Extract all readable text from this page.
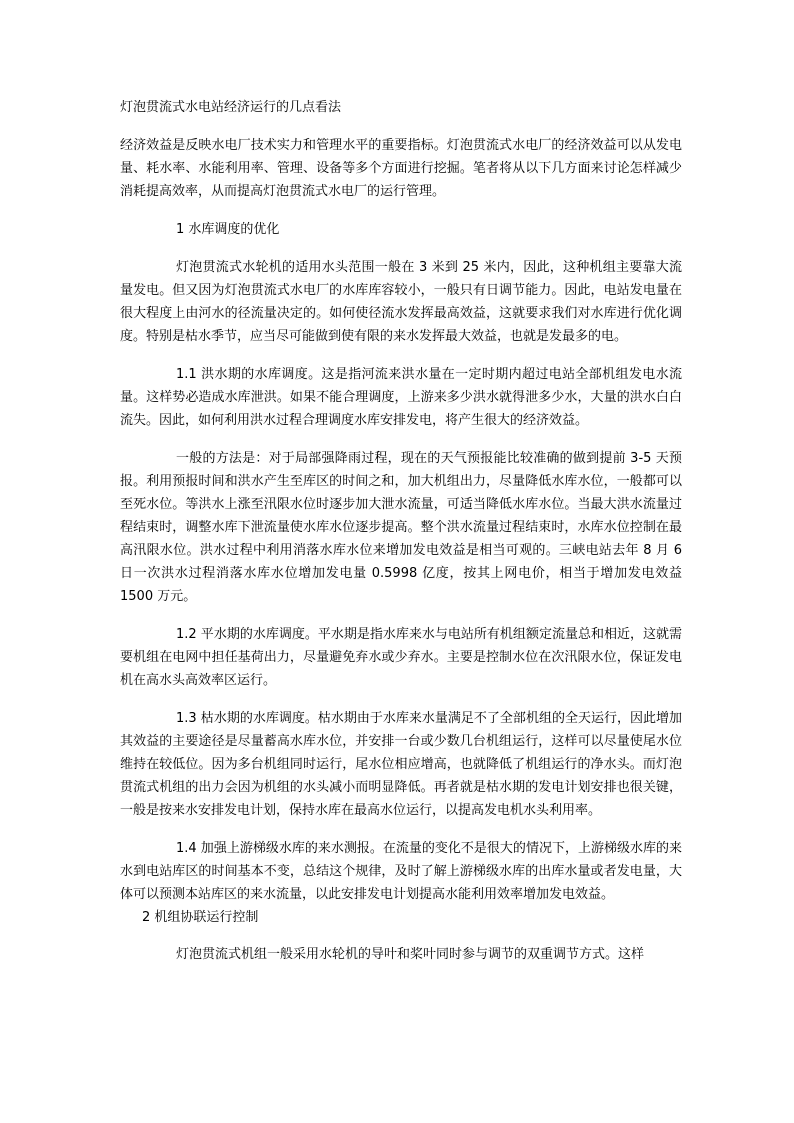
灯泡贯流式水电站经济运行的几点看法

经济效益是反映水电厂技术实力和管理水平的重要指标。灯泡贯流式水电厂的经济效益可以从发电量、耗水率、水能利用率、管理、设备等多个方面进行挖掘。笔者将从以下几方面来讨论怎样减少消耗提高效率，从而提高灯泡贯流式水电厂的运行管理。

1 水库调度的优化

灯泡贯流式水轮机的适用水头范围一般在 3 米到 25 米内，因此，这种机组主要靠大流量发电。但又因为灯泡贯流式水电厂的水库库容较小，一般只有日调节能力。因此，电站发电量在很大程度上由河水的径流量决定的。如何使径流水发挥最高效益，这就要求我们对水库进行优化调度。特别是枯水季节，应当尽可能做到使有限的来水发挥最大效益，也就是发最多的电。

1.1 洪水期的水库调度。这是指河流来洪水量在一定时期内超过电站全部机组发电水流量。这样势必造成水库泄洪。如果不能合理调度，上游来多少洪水就得泄多少水，大量的洪水白白流失。因此，如何利用洪水过程合理调度水库安排发电，将产生很大的经济效益。

一般的方法是：对于局部强降雨过程，现在的天气预报能比较准确的做到提前 3-5 天预报。利用预报时间和洪水产生至库区的时间之和，加大机组出力，尽量降低水库水位，一般都可以至死水位。等洪水上涨至汛限水位时逐步加大泄水流量，可适当降低水库水位。当最大洪水流量过程结束时，调整水库下泄流量使水库水位逐步提高。整个洪水流量过程结束时，水库水位控制在最高汛限水位。洪水过程中利用消落水库水位来增加发电效益是相当可观的。三峡电站去年 8 月 6 日一次洪水过程消落水库水位增加发电量 0.5998 亿度，按其上网电价，相当于增加发电效益 1500 万元。

1.2 平水期的水库调度。平水期是指水库来水与电站所有机组额定流量总和相近，这就需要机组在电网中担任基荷出力，尽量避免弃水或少弃水。主要是控制水位在次汛限水位，保证发电机在高水头高效率区运行。

1.3 枯水期的水库调度。枯水期由于水库来水量满足不了全部机组的全天运行，因此增加其效益的主要途径是尽量蓄高水库水位，并安排一台或少数几台机组运行，这样可以尽量使尾水位维持在较低位。因为多台机组同时运行，尾水位相应增高，也就降低了机组运行的净水头。而灯泡贯流式机组的出力会因为机组的水头减小而明显降低。再者就是枯水期的发电计划安排也很关键，一般是按来水安排发电计划，保持水库在最高水位运行，以提高发电机水头利用率。

1.4 加强上游梯级水库的来水测报。在流量的变化不是很大的情况下，上游梯级水库的来水到电站库区的时间基本不变，总结这个规律，及时了解上游梯级水库的出库水量或者发电量，大体可以预测本站库区的来水流量，以此安排发电计划提高水能利用效率增加发电效益。

2 机组协联运行控制

灯泡贯流式机组一般采用水轮机的导叶和桨叶同时参与调节的双重调节方式。这样
